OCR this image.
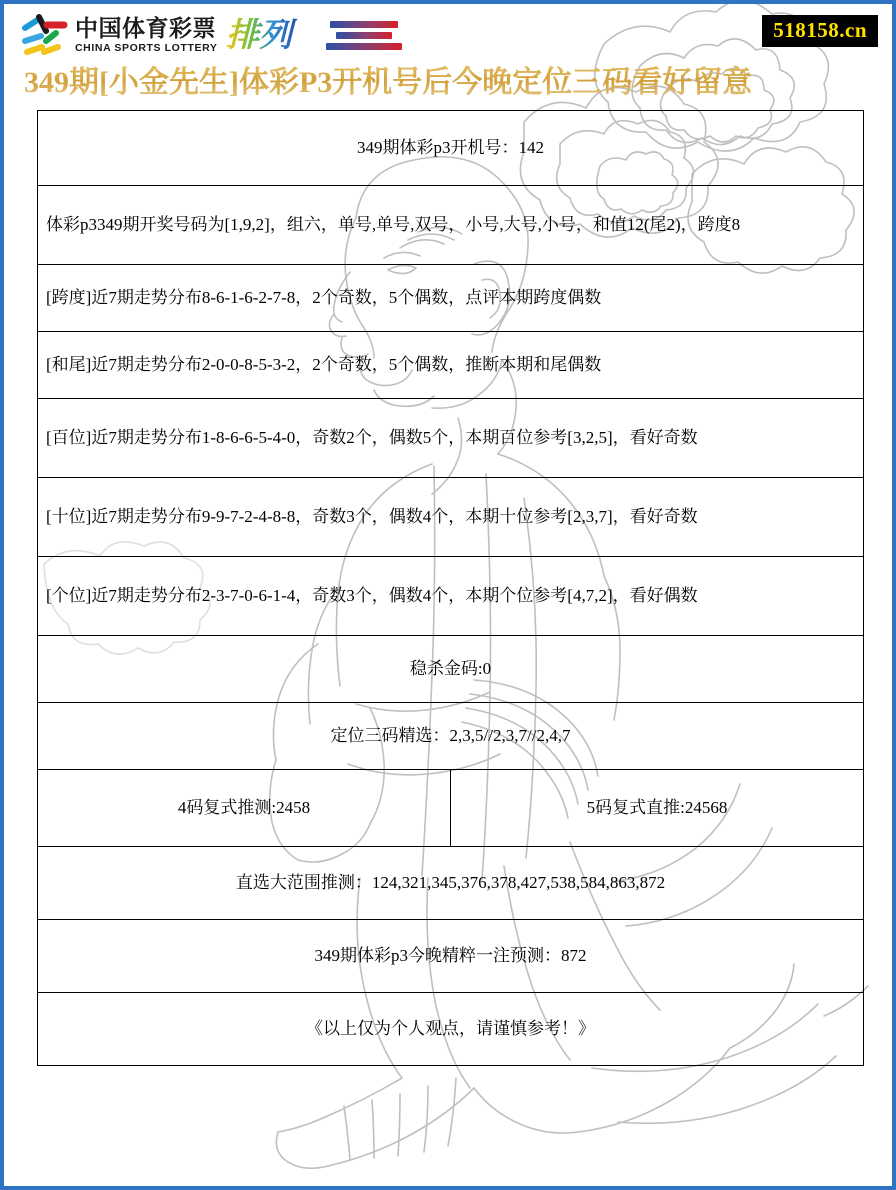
中国体育彩票
CHINA SPORTS LOTTERY 排列	518158.cn
349期[小金先生]体彩P3开机号后今晚定位三码看好留意
349期体彩p3开机号：142
体彩p3349期开奖号码为[1,9,2]，组六，单号,单号,双号，小号,大号,小号，和值12(尾2)，跨度8
[跨度]近7期走势分布8-6-1-6-2-7-8，2个奇数，5个偶数，点评本期跨度偶数
[和尾]近7期走势分布2-0-0-8-5-3-2，2个奇数，5个偶数，推断本期和尾偶数
[百位]近7期走势分布1-8-6-6-5-4-0，奇数2个，偶数5个，本期百位参考[3,2,5]，看好奇数
[十位]近7期走势分布9-9-7-2-4-8-8，奇数3个，偶数4个，本期十位参考[2,3,7]，看好奇数
[个位]近7期走势分布2-3-7-0-6-1-4，奇数3个，偶数4个，本期个位参考[4,7,2]，看好偶数
稳杀金码:0
定位三码精选：2,3,5//2,3,7//2,4,7
4码复式推测:2458	5码复式直推:24568
直选大范围推测：124,321,345,376,378,427,538,584,863,872
349期体彩p3今晚精粹一注预测：872
《以上仅为个人观点，请谨慎参考！》
